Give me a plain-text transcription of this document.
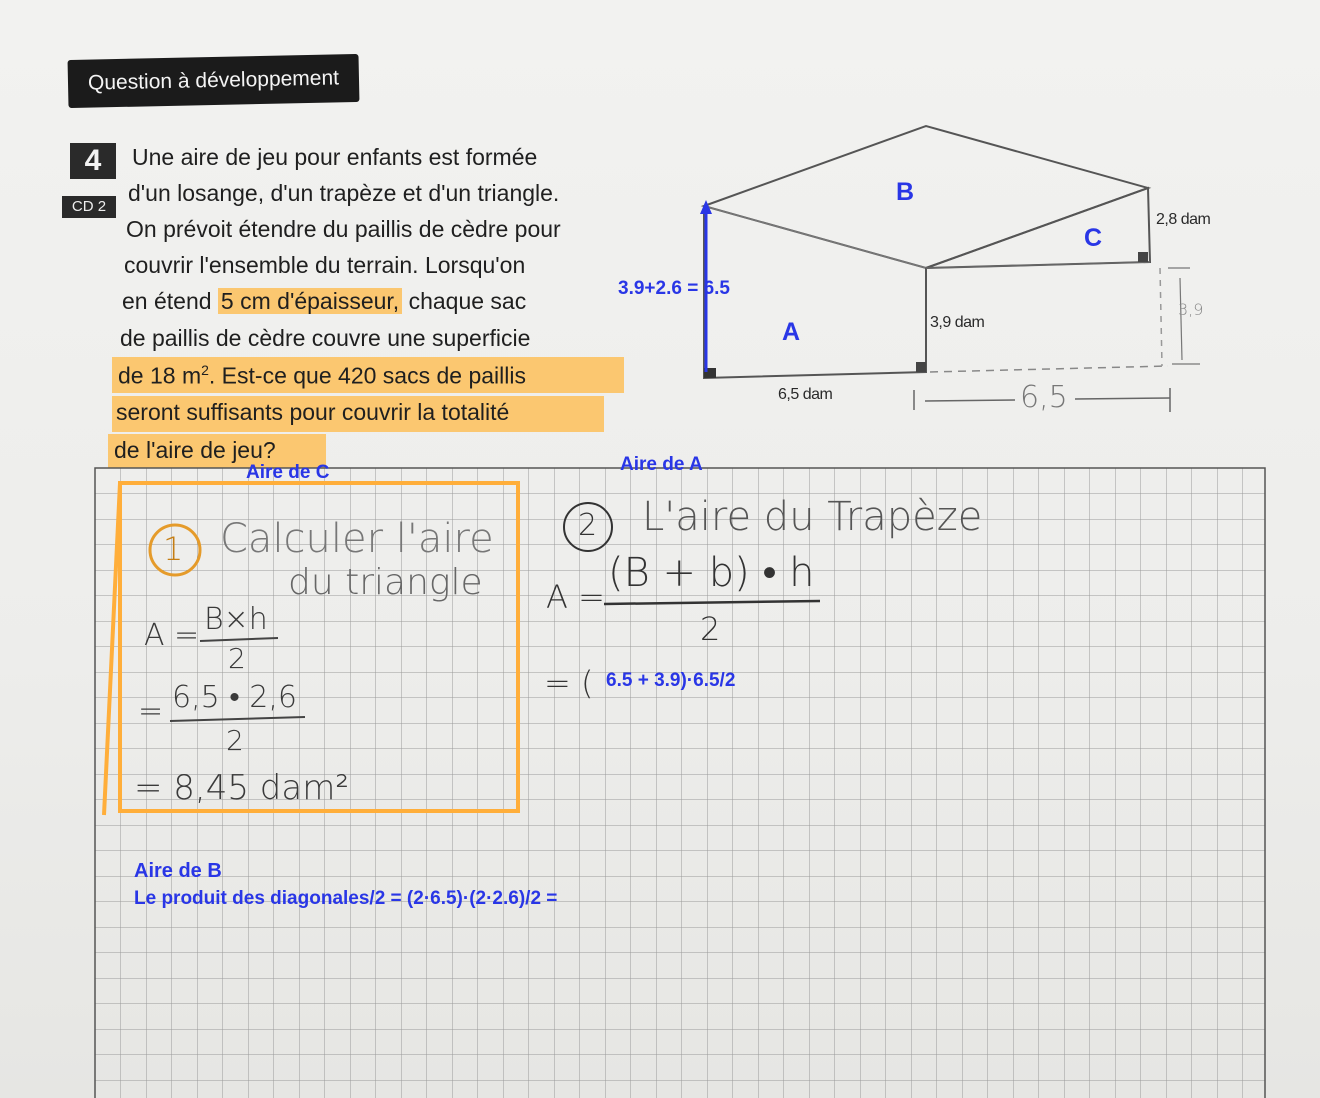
Question à développement
4
CD 2
Une aire de jeu pour enfants est formée
d'un losange, d'un trapèze et d'un triangle.
On prévoit étendre du paillis de cèdre pour
couvrir l'ensemble du terrain. Lorsqu'on
en étend 5 cm d'épaisseur, chaque sac
de paillis de cèdre couvre une superficie
de 18 $m^2$. Est-ce que 420 sacs de paillis
seront suffisants pour couvrir la totalité
de l'aire de jeu?
B
C
A
3.9+2.6 = 6.5
2,8 dam
3,9 dam
6,5 dam	6,5
3,9
Aire de C	Aire de A
Aire de B
Le produit des diagonales/2 = (2·6.5)·(2·2.6)/2 =
6.5 + 3.9)·6.5/2
1 Calculer l'aire
du triangle
A = B×h
2
= 6,5 • 2,6
2
= 8,45 dam²
2 L'aire du Trapèze
A =
(B + b) • h
2
= (
